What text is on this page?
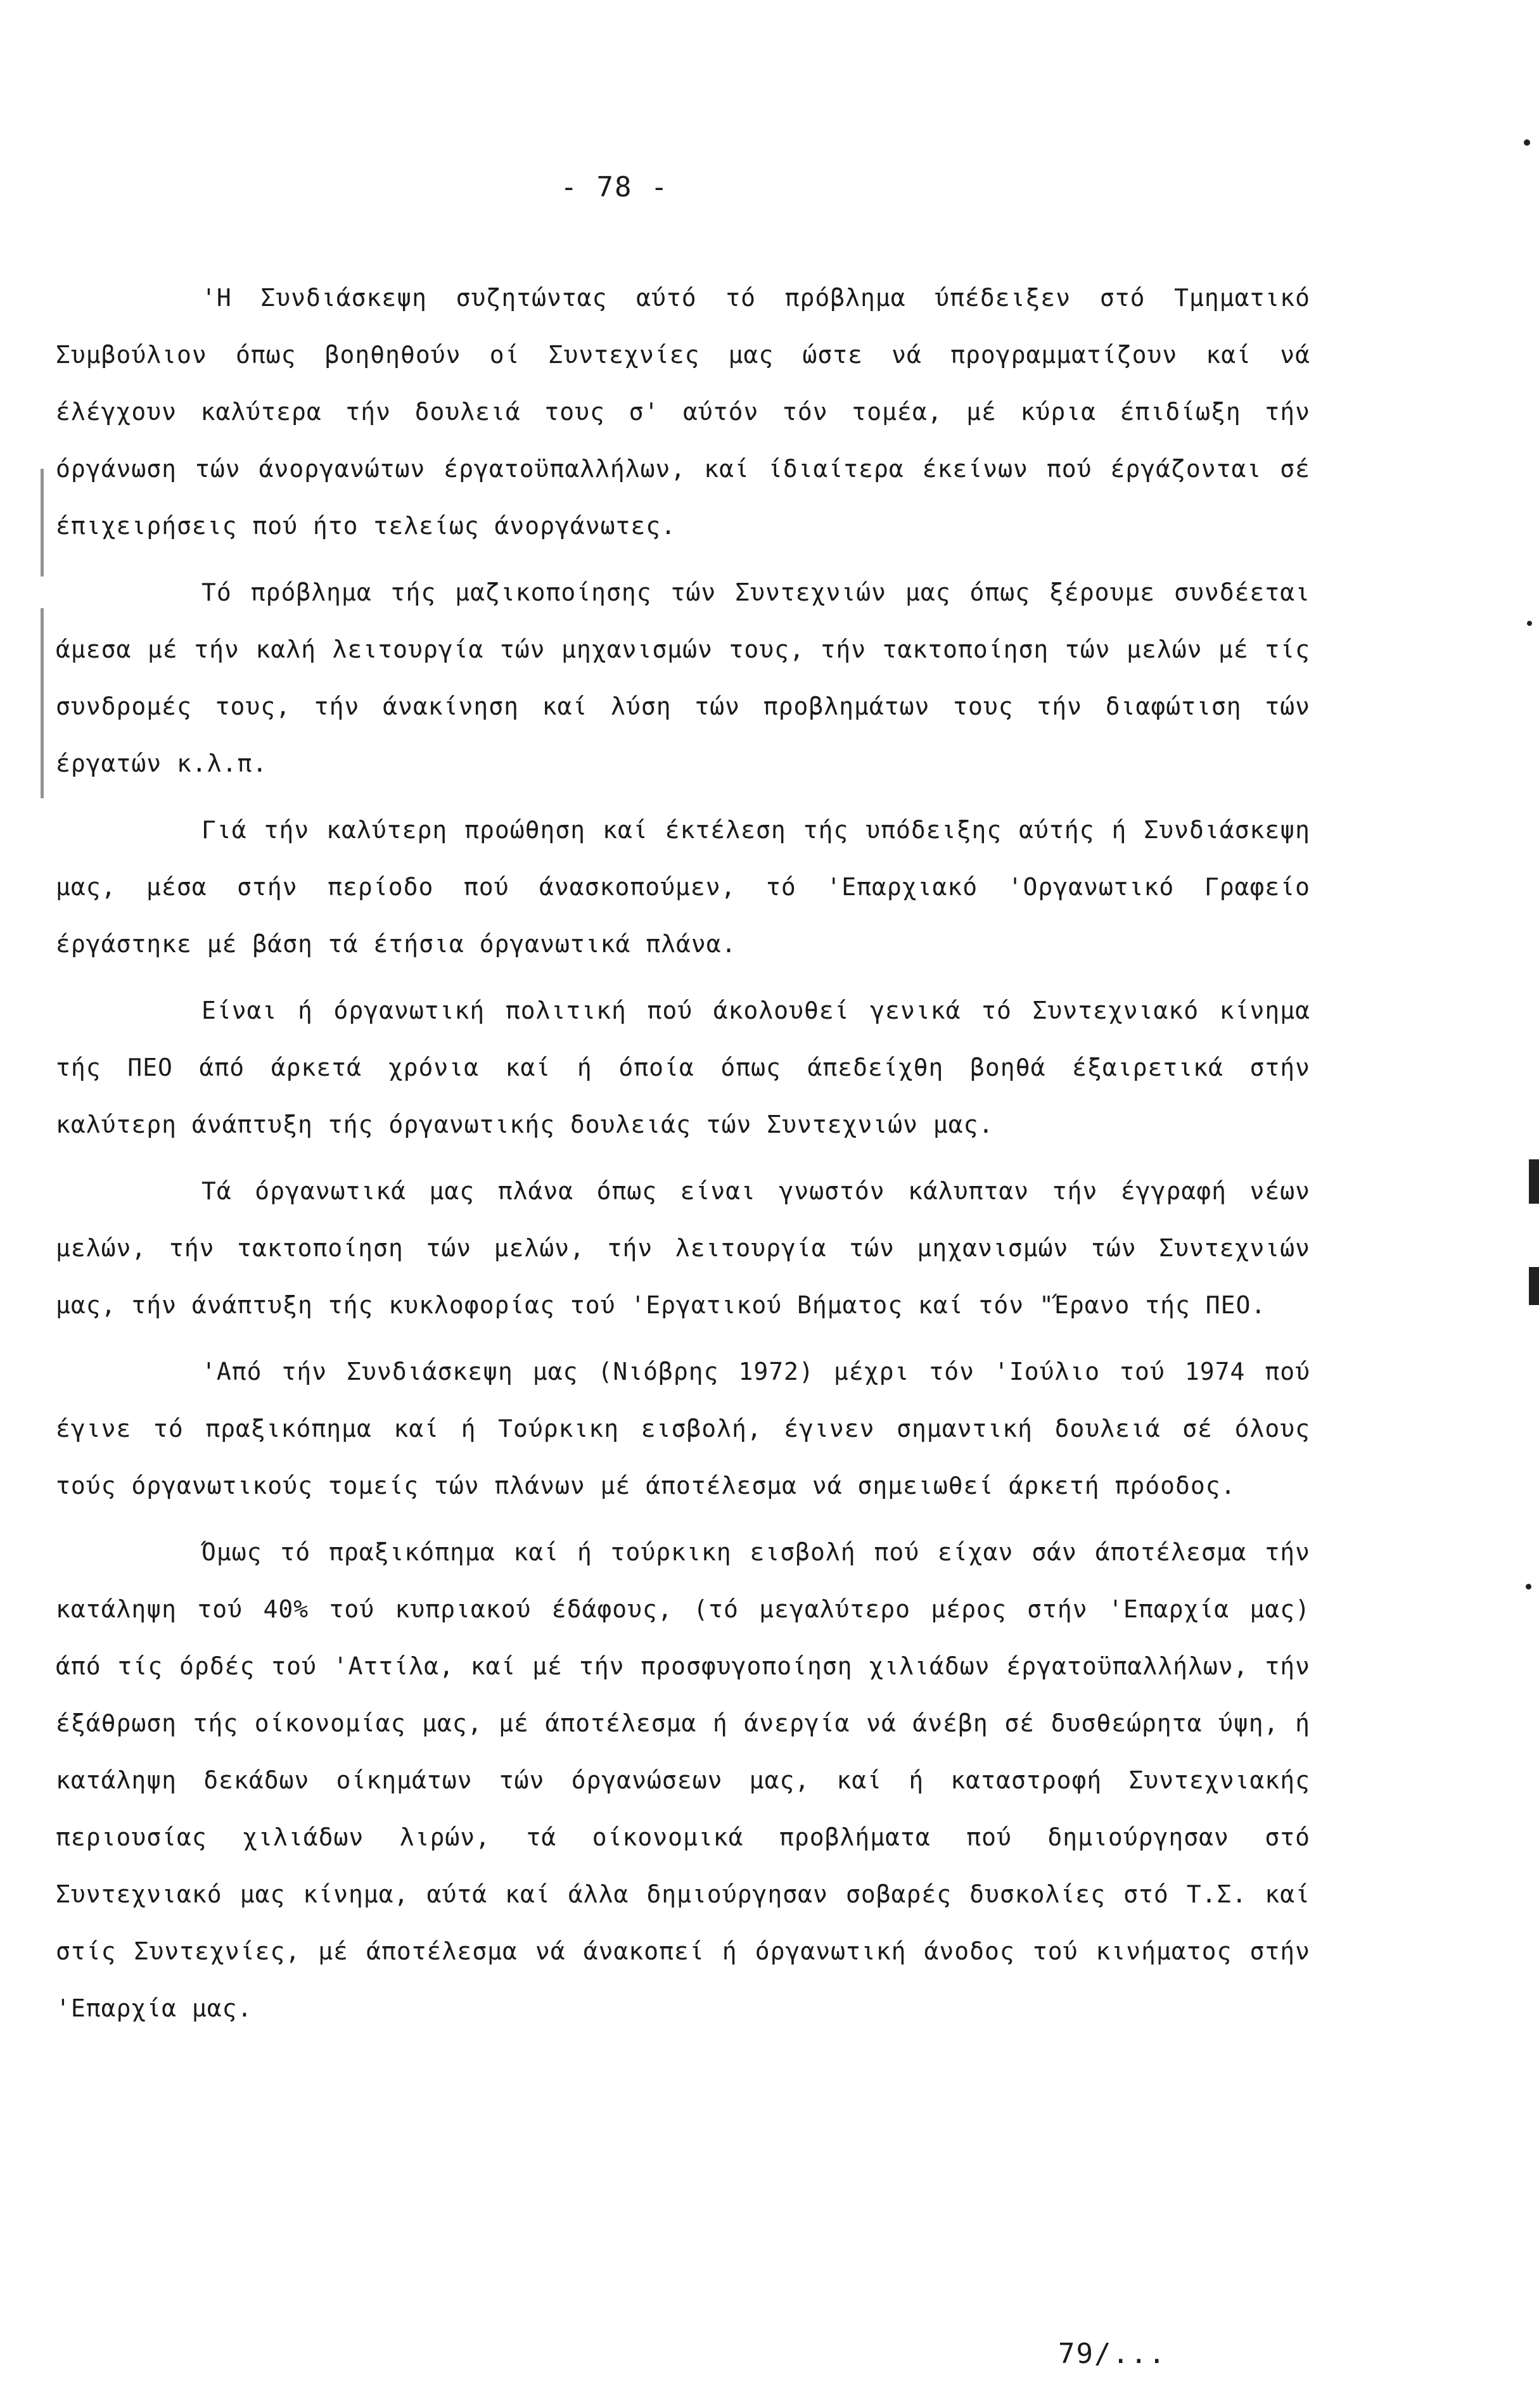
- 78 -

'Η Συνδιάσκεψη συζητώντας αύτό τό πρόβλημα ύπέδειξεν στό Τμηματικό Συμβούλιον όπως βοηθηθούν οί Συντεχνίες μας ώστε νά προγραμματίζουν καί νά έλέγχουν καλύτερα τήν δουλειά τους σ' αύτόν τόν τομέα, μέ κύρια έπιδίωξη τήν όργάνωση τών άνοργανώτων έργατοϋπαλλήλων, καί ίδιαίτερα έκείνων πού έργάζονται σέ έπιχειρήσεις πού ήτο τελείως άνοργάνωτες.

Τό πρόβλημα τής μαζικοποίησης τών Συντεχνιών μας όπως ξέρουμε συνδέεται άμεσα μέ τήν καλή λειτουργία τών μηχανισμών τους, τήν τακτοποίηση τών μελών μέ τίς συνδρομές τους, τήν άνακίνηση καί λύση τών προβλημάτων τους τήν διαφώτιση τών έργατών κ.λ.π.

Γιά τήν καλύτερη προώθηση καί έκτέλεση τής υπόδειξης αύτής ή Συνδιάσκεψη μας, μέσα στήν περίοδο πού άνασκοπούμεν, τό 'Επαρχιακό 'Οργανωτικό Γραφείο έργάστηκε μέ βάση τά έτήσια όργανωτικά πλάνα.

Είναι ή όργανωτική πολιτική πού άκολουθεί γενικά τό Συντεχνιακό κίνημα τής ΠΕΟ άπό άρκετά χρόνια καί ή όποία όπως άπεδείχθη βοηθά έξαιρετικά στήν καλύτερη άνάπτυξη τής όργανωτικής δουλειάς τών Συντεχνιών μας.

Τά όργανωτικά μας πλάνα όπως είναι γνωστόν κάλυπταν τήν έγγραφή νέων μελών, τήν τακτοποίηση τών μελών, τήν λειτουργία τών μηχανισμών τών Συντεχνιών μας, τήν άνάπτυξη τής κυκλοφορίας τού 'Εργατικού Βήματος καί τόν "Έρανο τής ΠΕΟ.

'Από τήν Συνδιάσκεψη μας (Νιόβρης 1972) μέχρι τόν 'Ιούλιο τού 1974 πού έγινε τό πραξικόπημα καί ή Τούρκικη εισβολή, έγινεν σημαντική δουλειά σέ όλους τούς όργανωτικούς τομείς τών πλάνων μέ άποτέλεσμα νά σημειωθεί άρκετή πρόοδος.

Όμως τό πραξικόπημα καί ή τούρκικη εισβολή πού είχαν σάν άποτέλεσμα τήν κατάληψη τού 40% τού κυπριακού έδάφους, (τό μεγαλύτερο μέρος στήν 'Επαρχία μας) άπό τίς όρδές τού 'Αττίλα, καί μέ τήν προσφυγοποίηση χιλιάδων έργατοϋπαλλήλων, τήν έξάθρωση τής οίκονομίας μας, μέ άποτέλεσμα ή άνεργία νά άνέβη σέ δυσθεώρητα ύψη, ή κατάληψη δεκάδων οίκημάτων τών όργανώσεων μας, καί ή καταστροφή Συντεχνιακής περιουσίας χιλιάδων λιρών, τά οίκονομικά προβλήματα πού δημιούργησαν στό Συντεχνιακό μας κίνημα, αύτά καί άλλα δημιούργησαν σοβαρές δυσκολίες στό Τ.Σ. καί στίς Συντεχνίες, μέ άποτέλεσμα νά άνακοπεί ή όργανωτική άνοδος τού κινήματος στήν 'Επαρχία μας.

79/...
